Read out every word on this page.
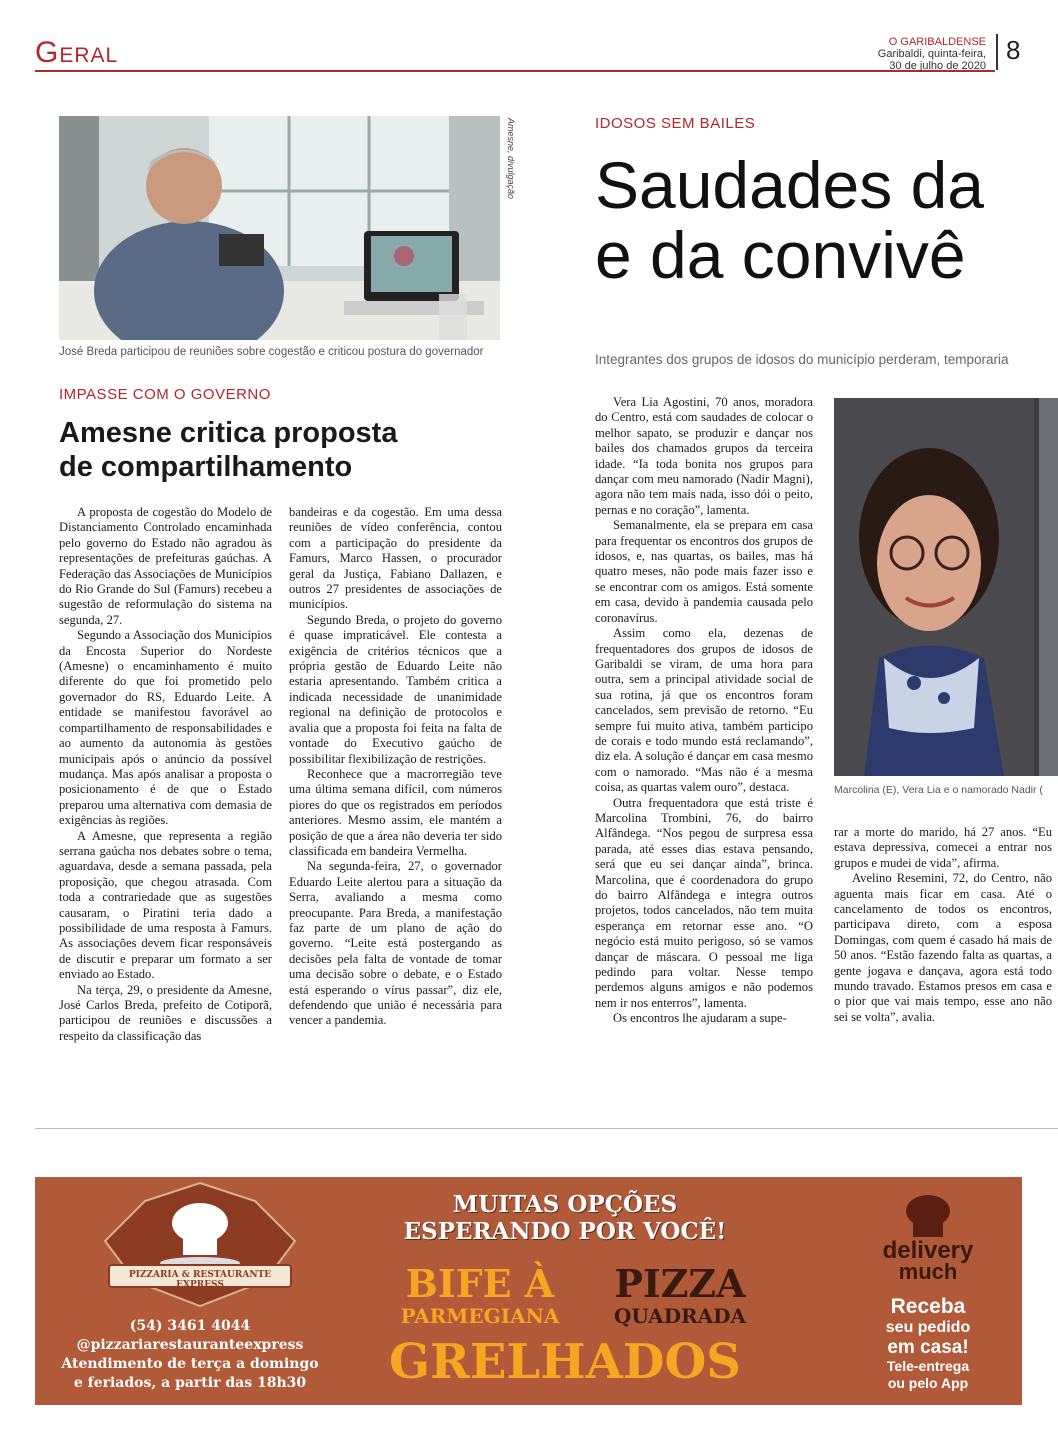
Geral	O GARIBALDENSE
Garibaldi, quinta-feira,
30 de julho de 2020
8
Amesne, divulgação
José Breda participou de reuniões sobre cogestão e criticou postura do governador
IMPASSE COM O GOVERNO
Amesne critica proposta
de compartilhamento

A proposta de cogestão do Modelo de Distanciamento Controlado encaminhada pelo governo do Estado não agradou às representações de prefeituras gaúchas. A Federação das Associações de Municípios do Rio Grande do Sul (Famurs) recebeu a sugestão de reformulação do sistema na segunda, 27.

Segundo a Associação dos Municípios da Encosta Superior do Nordeste (Amesne) o encaminhamento é muito diferente do que foi prometido pelo governador do RS, Eduardo Leite. A entidade se manifestou favorável ao compartilhamento de responsabilidades e ao aumento da autonomia às gestões municipais após o anúncio da possível mudança. Mas após analisar a proposta o posicionamento é de que o Estado preparou uma alternativa com demasia de exigências às regiões.

A Amesne, que representa a região serrana gaúcha nos debates sobre o tema, aguardava, desde a semana passada, pela proposição, que chegou atrasada. Com toda a contrariedade que as sugestões causaram, o Piratini teria dado a possibilidade de uma resposta à Famurs. As associações devem ficar responsáveis de discutir e preparar um formato a ser enviado ao Estado.

Na terça, 29, o presidente da Amesne, José Carlos Breda, prefeito de Cotiporã, participou de reuniões e discussões a respeito da classificação das

bandeiras e da cogestão. Em uma dessa reuniões de vídeo conferência, contou com a participação do presidente da Famurs, Marco Hassen, o procurador geral da Justiça, Fabiano Dallazen, e outros 27 presidentes de associações de municípios.

Segundo Breda, o projeto do governo é quase impraticável. Ele contesta a exigência de critérios técnicos que a própria gestão de Eduardo Leite não estaria apresentando. Também critica a indicada necessidade de unanimidade regional na definição de protocolos e avalia que a proposta foi feita na falta de vontade do Executivo gaúcho de possibilitar flexibilização de restrições.

Reconhece que a macrorregião teve uma última semana difícil, com números piores do que os registrados em períodos anteriores. Mesmo assim, ele mantém a posição de que a área não deveria ter sido classificada em bandeira Vermelha.

Na segunda-feira, 27, o governador Eduardo Leite alertou para a situação da Serra, avaliando a mesma como preocupante. Para Breda, a manifestação faz parte de um plano de ação do governo. “Leite está postergando as decisões pela falta de vontade de tomar uma decisão sobre o debate, e o Estado está esperando o vírus passar”, diz ele, defendendo que união é necessária para vencer a pandemia.

IDOSOS SEM BAILES
Saudades da
e da convivê
Integrantes dos grupos de idosos do município perderam, temporaria

Vera Lia Agostini, 70 anos, moradora do Centro, está com saudades de colocar o melhor sapato, se produzir e dançar nos bailes dos chamados grupos da terceira idade. “Ia toda bonita nos grupos para dançar com meu namorado (Nadir Magni), agora não tem mais nada, isso dói o peito, pernas e no coração”, lamenta.

Semanalmente, ela se prepara em casa para frequentar os encontros dos grupos de idosos, e, nas quartas, os bailes, mas há quatro meses, não pode mais fazer isso e se encontrar com os amigos. Está somente em casa, devido à pandemia causada pelo coronavírus.

Assim como ela, dezenas de frequentadores dos grupos de idosos de Garibaldi se viram, de uma hora para outra, sem a principal atividade social de sua rotina, já que os encontros foram cancelados, sem previsão de retorno. “Eu sempre fui muito ativa, também participo de corais e todo mundo está reclamando”, diz ela. A solução é dançar em casa mesmo com o namorado. “Mas não é a mesma coisa, as quartas valem ouro”, destaca.

Outra frequentadora que está triste é Marcolina Trombini, 76, do bairro Alfândega. “Nos pegou de surpresa essa parada, até esses dias estava pensando, será que eu sei dançar ainda”, brinca. Marcolina, que é coordenadora do grupo do bairro Alfândega e integra outros projetos, todos cancelados, não tem muita esperança em retornar esse ano. “O negócio está muito perigoso, só se vamos dançar de máscara. O pessoal me liga pedindo para voltar. Nesse tempo perdemos alguns amigos e não podemos nem ir nos enterros”, lamenta.

Os encontros lhe ajudaram a supe-

Marcolina (E), Vera Lia e o namorado Nadir (

rar a morte do marido, há 27 anos. “Eu estava depressiva, comecei a entrar nos grupos e mudei de vida”, afirma.

Avelino Resemini, 72, do Centro, não aguenta mais ficar em casa. Até o cancelamento de todos os encontros, participava direto, com a esposa Domingas, com quem é casado há mais de 50 anos. “Estão fazendo falta as quartas, a gente jogava e dançava, agora está todo mundo travado. Estamos presos em casa e o pior que vai mais tempo, esse ano não sei se volta”, avalia.

PIZZARIA & RESTAURANTE EXPRESS
(54) 3461 4044
@pizzariarestauranteexpress
Atendimento de terça a domingo
e feriados, a partir das 18h30
MUITAS OPÇÕES
ESPERANDO POR VOCÊ!
BIFE À
PARMEGIANA
PIZZA
QUADRADA
GRELHADOS
delivery
much
Receba
seu pedido
em casa!
Tele-entrega
ou pelo App
